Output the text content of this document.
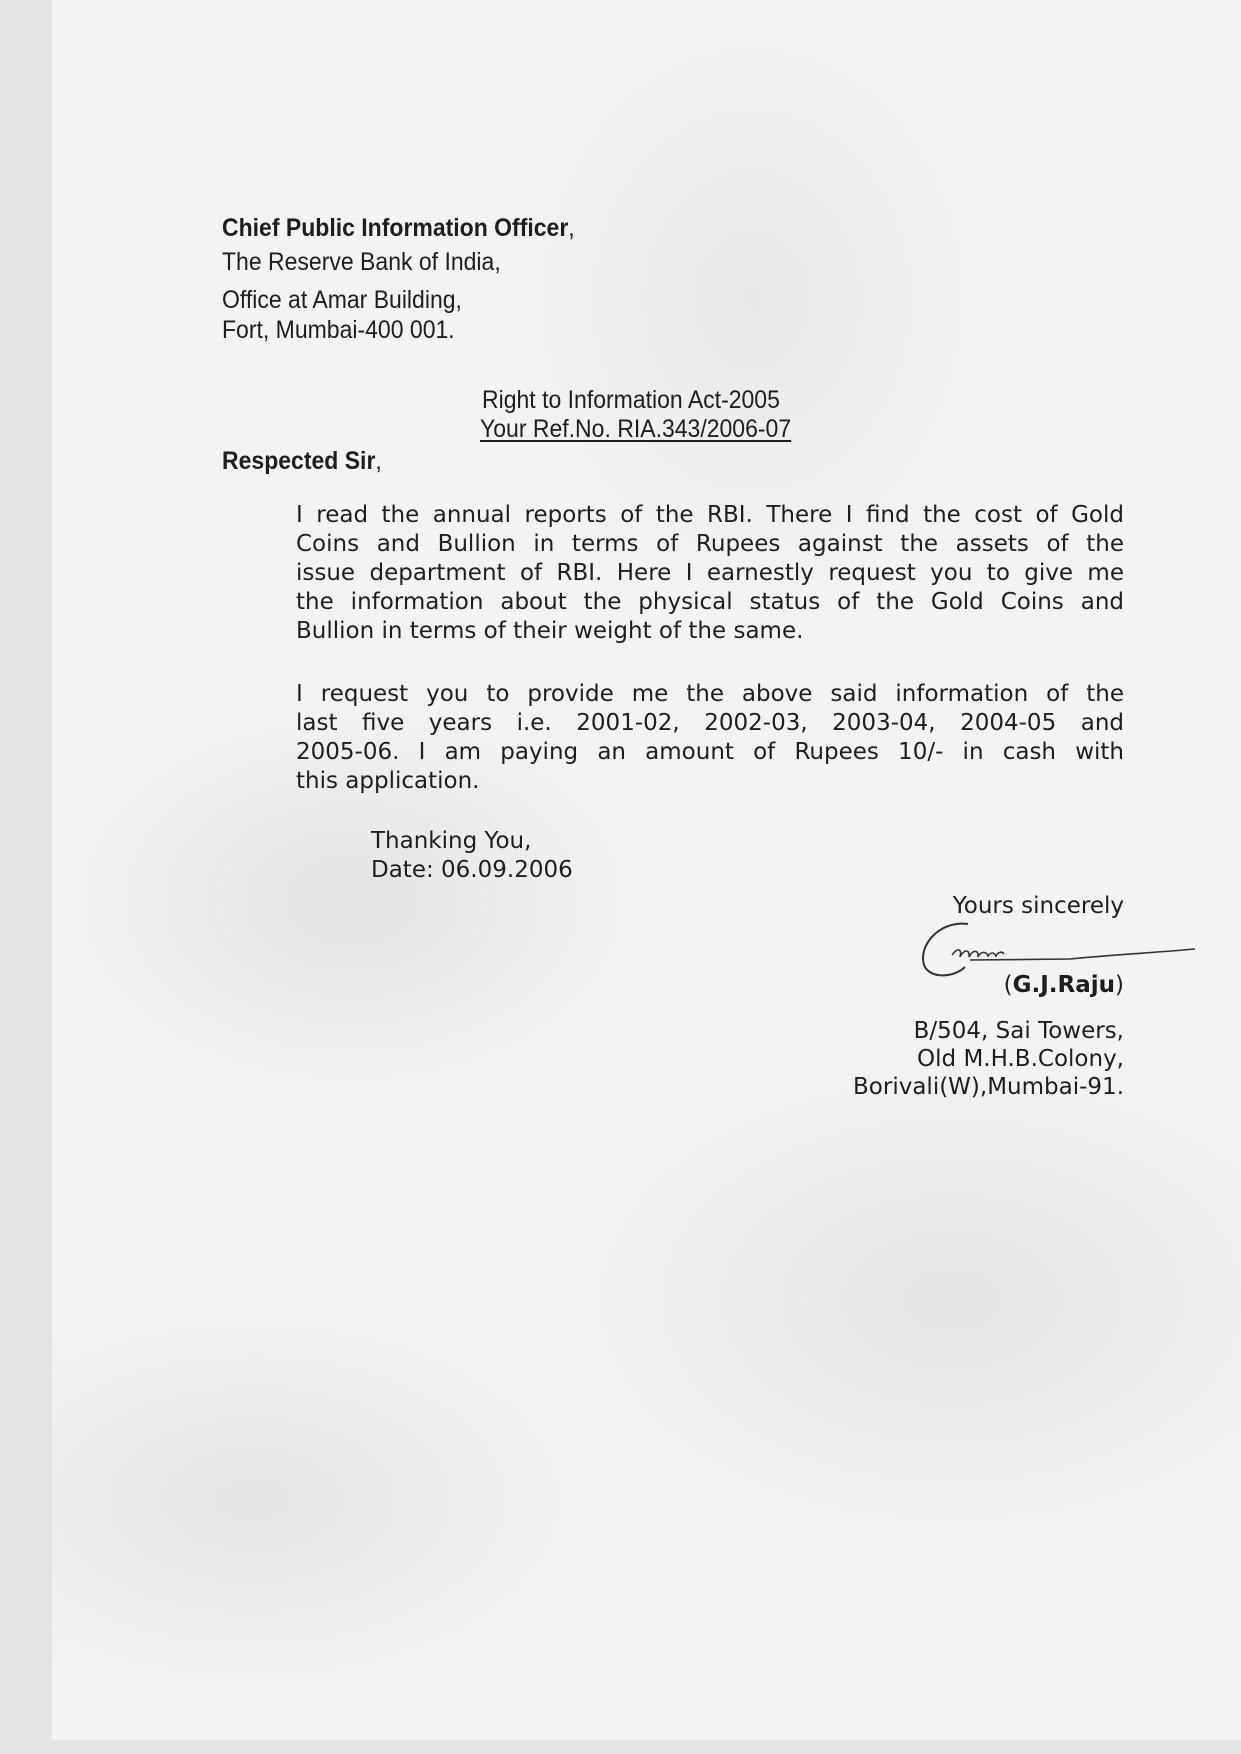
Chief Public Information Officer,
The Reserve Bank of India,
Office at Amar Building,
Fort, Mumbai-400 001.
Right to Information Act-2005
Your Ref.No. RIA.343/2006-07
Respected Sir,
I read the annual reports of the RBI. There I find the cost of Gold
Coins and Bullion in terms of Rupees against the assets of the
issue department of RBI. Here I earnestly request you to give me
the information about the physical status of the Gold Coins and
Bullion in terms of their weight of the same.
I request you to provide me the above said information of the
last five years i.e. 2001-02, 2002-03, 2003-04, 2004-05 and
2005-06. I am paying an amount of Rupees 10/- in cash with
this application.
Thanking You,
Date: 06.09.2006
Yours sincerely
(G.J.Raju)
B/504, Sai Towers,
Old M.H.B.Colony,
Borivali(W),Mumbai-91.
